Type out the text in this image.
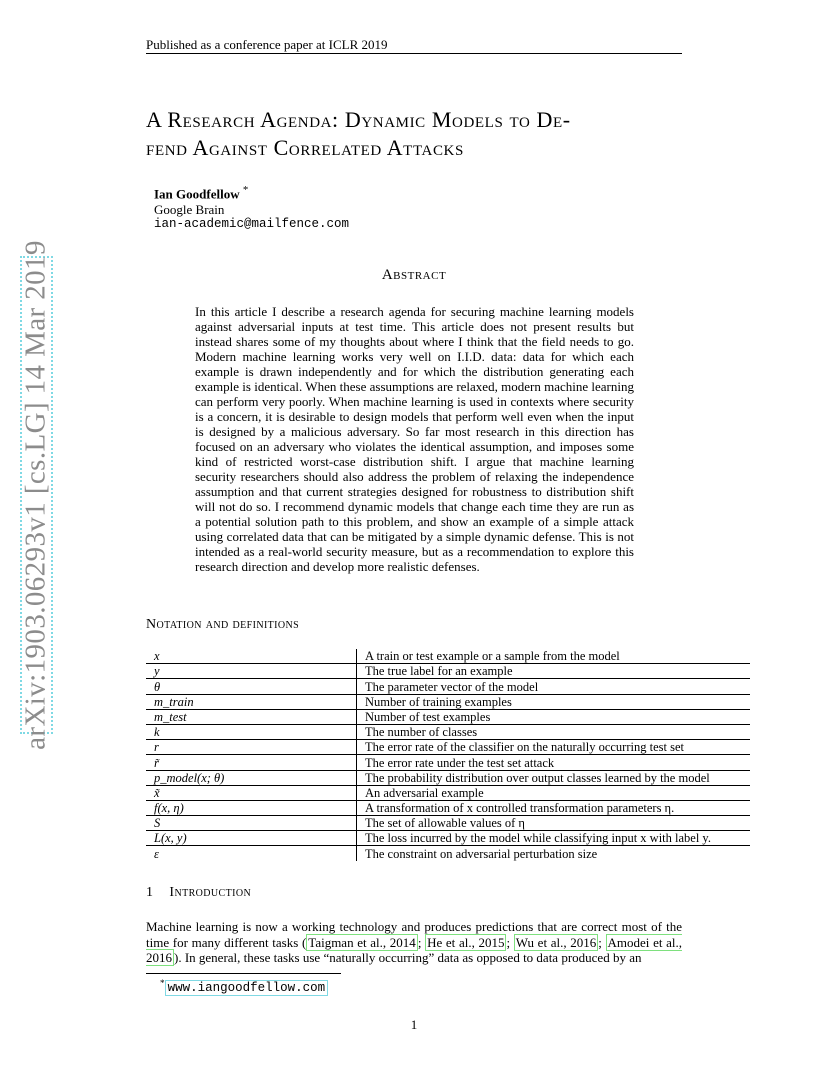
Published as a conference paper at ICLR 2019
arXiv:1903.06293v1 [cs.LG] 14 Mar 2019
A Research Agenda: Dynamic Models to De-
fend Against Correlated Attacks
Ian Goodfellow *
Google Brain
ian-academic@mailfence.com
Abstract
In this article I describe a research agenda for securing machine learning models against adversarial inputs at test time. This article does not present results but instead shares some of my thoughts about where I think that the field needs to go. Modern machine learning works very well on I.I.D. data: data for which each example is drawn independently and for which the distribution generating each example is identical. When these assumptions are relaxed, modern machine learning can perform very poorly. When machine learning is used in contexts where security is a concern, it is desirable to design models that perform well even when the input is designed by a malicious adversary. So far most research in this direction has focused on an adversary who violates the identical assumption, and imposes some kind of restricted worst-case distribution shift. I argue that machine learning security researchers should also address the problem of relaxing the independence assumption and that current strategies designed for robustness to distribution shift will not do so. I recommend dynamic models that change each time they are run as a potential solution path to this problem, and show an example of a simple attack using correlated data that can be mitigated by a simple dynamic defense. This is not intended as a real-world security measure, but as a recommendation to explore this research direction and develop more realistic defenses.
Notation and definitions
x	A train or test example or a sample from the model
y	The true label for an example
θ	The parameter vector of the model
m_train	Number of training examples
m_test	Number of test examples
k	The number of classes
r	The error rate of the classifier on the naturally occurring test set
r̃	The error rate under the test set attack
p_model(x; θ)	The probability distribution over output classes learned by the model
x̃	An adversarial example
f(x, η)	A transformation of x controlled transformation parameters η.
S	The set of allowable values of η
L(x, y)	The loss incurred by the model while classifying input x with label y.
ε	The constraint on adversarial perturbation size
1 Introduction
Machine learning is now a working technology and produces predictions that are correct most of the time for many different tasks ( Taigman et al., 2014 ; He et al., 2015 ; Wu et al., 2016 ; Amodei et al., 2016 ). In general, these tasks use “naturally occurring” data as opposed to data produced by an
* www.iangoodfellow.com
1
